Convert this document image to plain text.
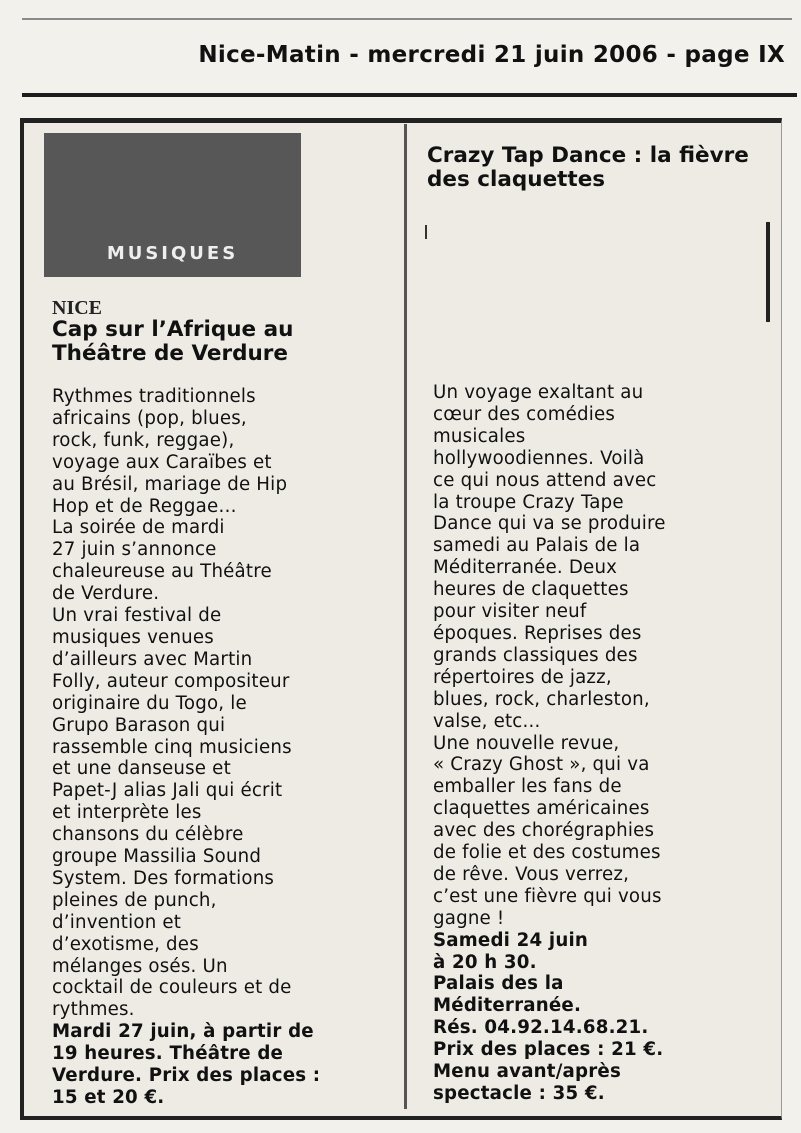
Nice-Matin - mercredi 21 juin 2006 - page IX
MUSIQUES
NICE
Cap sur l’Afrique au Théâtre de Verdure
Rythmes traditionnels
africains (pop, blues,
rock, funk, reggae),
voyage aux Caraïbes et
au Brésil, mariage de Hip
Hop et de Reggae…
La soirée de mardi
27 juin s’annonce
chaleureuse au Théâtre
de Verdure.
Un vrai festival de
musiques venues
d’ailleurs avec Martin
Folly, auteur compositeur
originaire du Togo, le
Grupo Barason qui
rassemble cinq musiciens
et une danseuse et
Papet-J alias Jali qui écrit
et interprète les
chansons du célèbre
groupe Massilia Sound
System. Des formations
pleines de punch,
d’invention et
d’exotisme, des
mélanges osés. Un
cocktail de couleurs et de
rythmes.
Mardi 27 juin, à partir de
19 heures. Théâtre de
Verdure. Prix des places :
15 et 20 €.
Crazy Tap Dance : la fièvre des claquettes
Un voyage exaltant au
cœur des comédies
musicales
hollywoodiennes. Voilà
ce qui nous attend avec
la troupe Crazy Tape
Dance qui va se produire
samedi au Palais de la
Méditerranée. Deux
heures de claquettes
pour visiter neuf
époques. Reprises des
grands classiques des
répertoires de jazz,
blues, rock, charleston,
valse, etc...
Une nouvelle revue,
« Crazy Ghost », qui va
emballer les fans de
claquettes américaines
avec des chorégraphies
de folie et des costumes
de rêve. Vous verrez,
c’est une fièvre qui vous
gagne !
Samedi 24 juin
à 20 h 30.
Palais des la
Méditerranée.
Rés. 04.92.14.68.21.
Prix des places : 21 €.
Menu avant/après
spectacle : 35 €.
